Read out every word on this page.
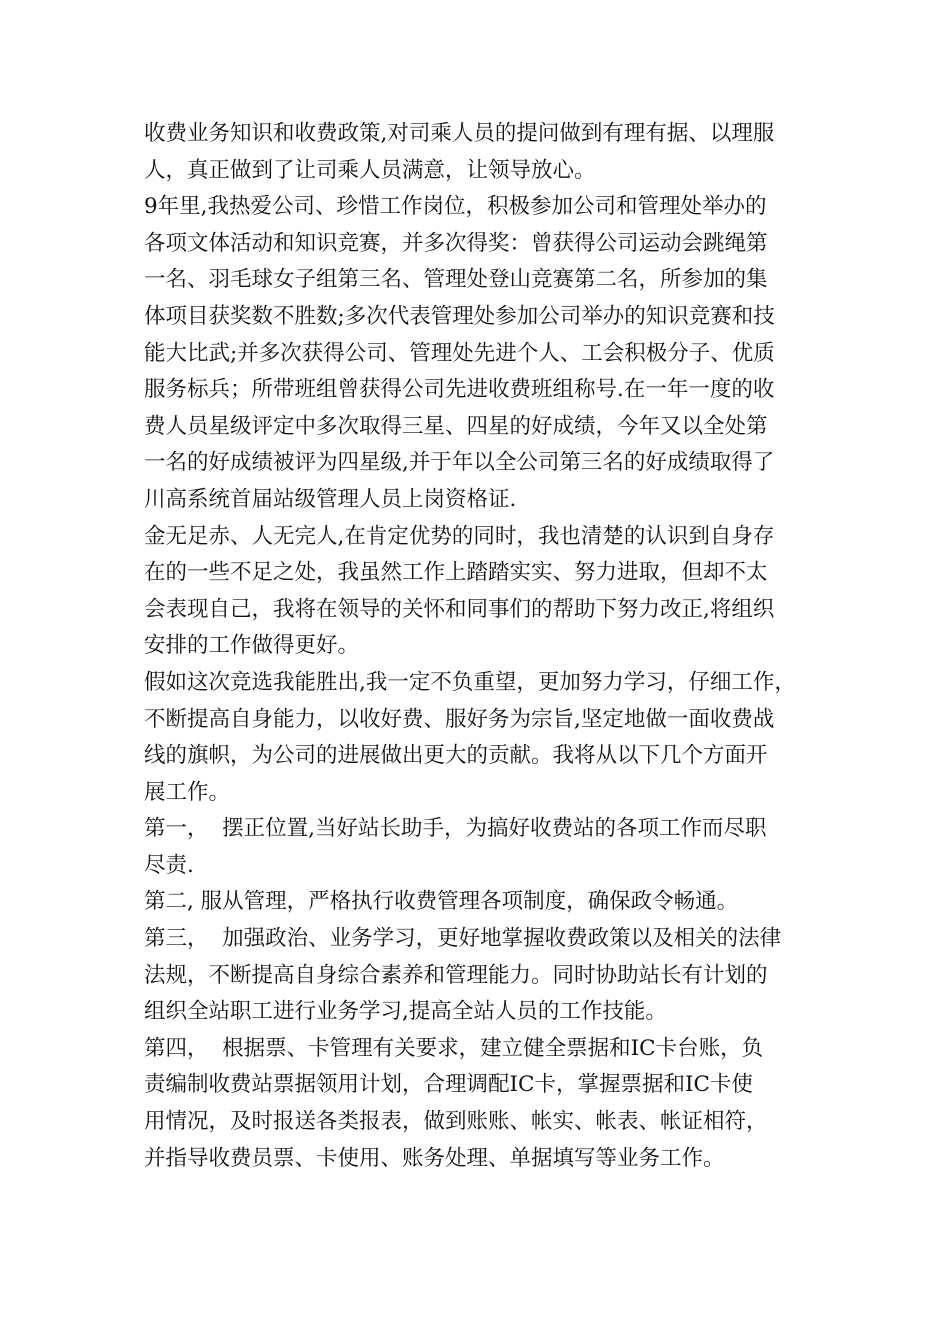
收费业务知识和收费政策,对司乘人员的提问做到有理有据、以理服
人，真正做到了让司乘人员满意，让领导放心。
9年里,我热爱公司、珍惜工作岗位，积极参加公司和管理处举办的
各项文体活动和知识竞赛，并多次得奖：曾获得公司运动会跳绳第
一名、羽毛球女子组第三名、管理处登山竞赛第二名，所参加的集
体项目获奖数不胜数;多次代表管理处参加公司举办的知识竞赛和技
能大比武;并多次获得公司、管理处先进个人、工会积极分子、优质
服务标兵；所带班组曾获得公司先进收费班组称号.在一年一度的收
费人员星级评定中多次取得三星、四星的好成绩，今年又以全处第
一名的好成绩被评为四星级,并于年以全公司第三名的好成绩取得了
川高系统首届站级管理人员上岗资格证.
金无足赤、人无完人,在肯定优势的同时，我也清楚的认识到自身存
在的一些不足之处，我虽然工作上踏踏实实、努力进取，但却不太
会表现自己，我将在领导的关怀和同事们的帮助下努力改正,将组织
安排的工作做得更好。
假如这次竞选我能胜出,我一定不负重望，更加努力学习，仔细工作，
不断提高自身能力，以收好费、服好务为宗旨,坚定地做一面收费战
线的旗帜，为公司的进展做出更大的贡献。我将从以下几个方面开
展工作。
第一，  摆正位置,当好站长助手，为搞好收费站的各项工作而尽职
尽责.
第二, 服从管理，严格执行收费管理各项制度，确保政令畅通。
第三，  加强政治、业务学习，更好地掌握收费政策以及相关的法律
法规，不断提高自身综合素养和管理能力。同时协助站长有计划的
组织全站职工进行业务学习,提高全站人员的工作技能。
第四，  根据票、卡管理有关要求，建立健全票据和IC卡台账，负
责编制收费站票据领用计划，合理调配IC卡，掌握票据和IC卡使
用情况，及时报送各类报表，做到账账、帐实、帐表、帐证相符，
并指导收费员票、卡使用、账务处理、单据填写等业务工作。
